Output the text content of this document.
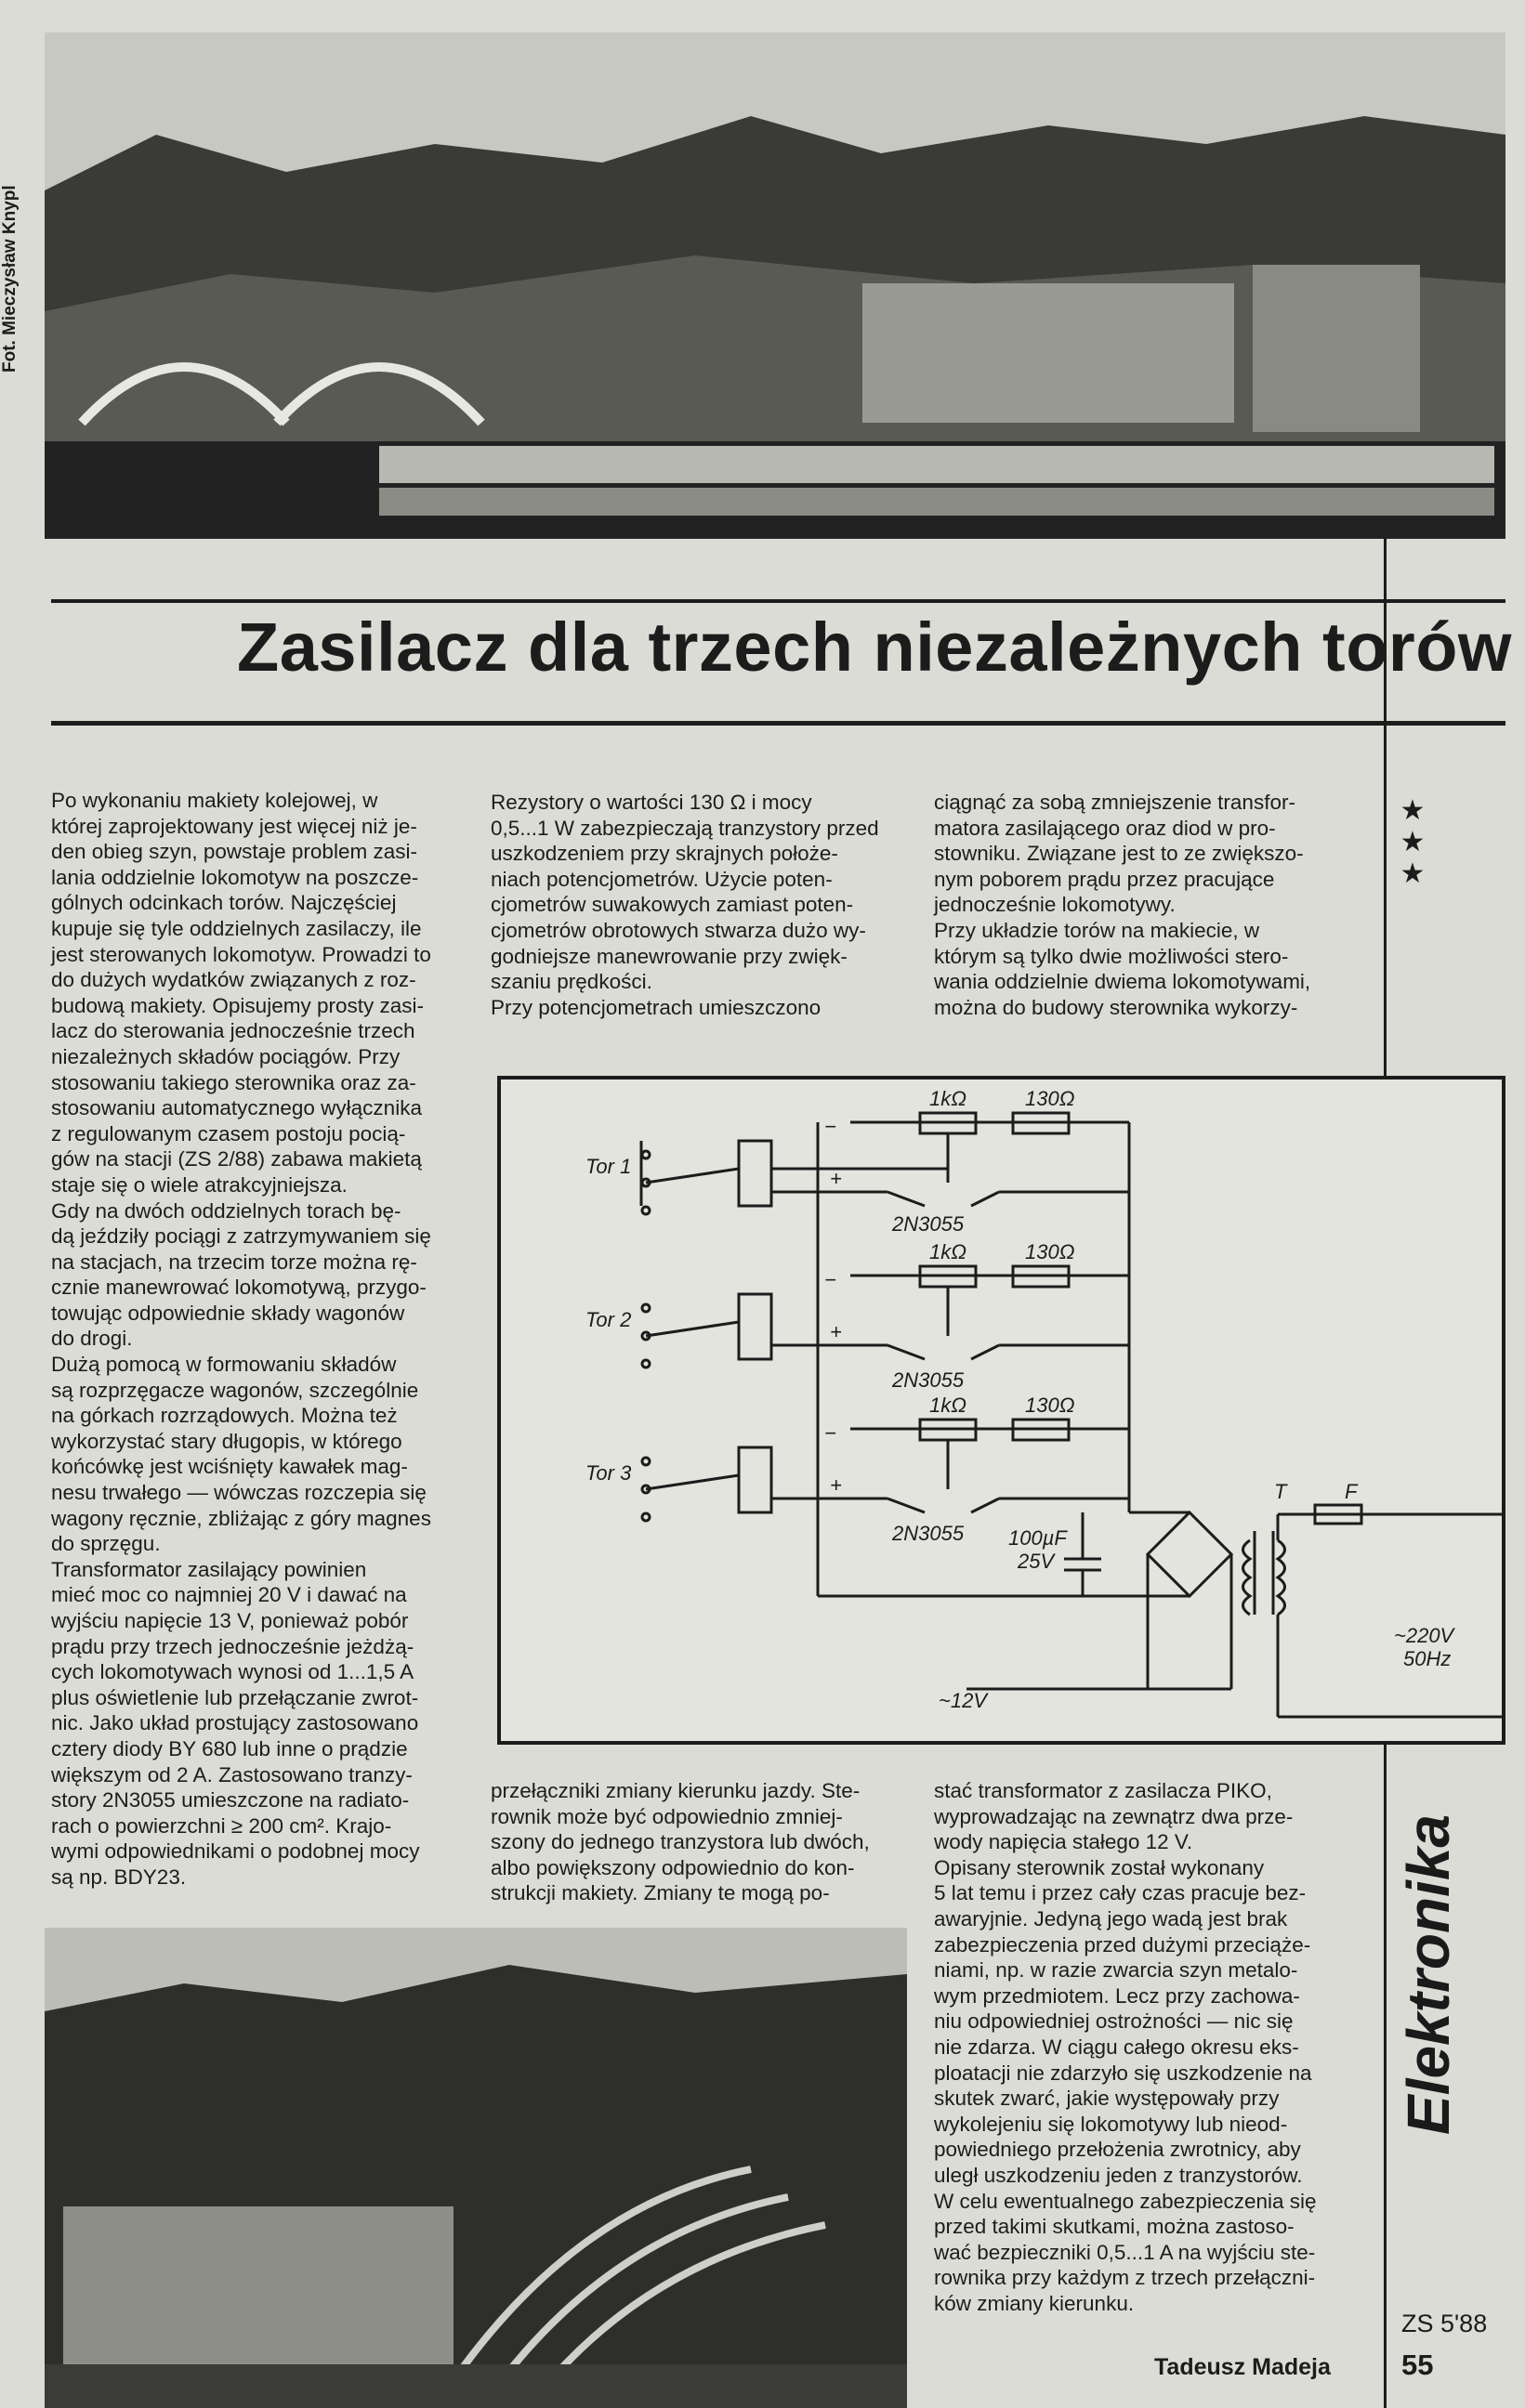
Fot. Mieczysław Knypl
Zasilacz dla trzech niezależnych torów
★
★
★
Po wykonaniu makiety kolejowej, w
której zaprojektowany jest więcej niż je-
den obieg szyn, powstaje problem zasi-
lania oddzielnie lokomotyw na poszcze-
gólnych odcinkach torów. Najczęściej
kupuje się tyle oddzielnych zasilaczy, ile
jest sterowanych lokomotyw. Prowadzi to
do dużych wydatków związanych z roz-
budową makiety. Opisujemy prosty zasi-
lacz do sterowania jednocześnie trzech
niezależnych składów pociągów. Przy
stosowaniu takiego sterownika oraz za-
stosowaniu automatycznego wyłącznika
z regulowanym czasem postoju pocią-
gów na stacji (ZS 2/88) zabawa makietą
staje się o wiele atrakcyjniejsza.
Gdy na dwóch oddzielnych torach bę-
dą jeździły pociągi z zatrzymywaniem się
na stacjach, na trzecim torze można rę-
cznie manewrować lokomotywą, przygo-
towując odpowiednie składy wagonów
do drogi.
Dużą pomocą w formowaniu składów
są rozprzęgacze wagonów, szczególnie
na górkach rozrządowych. Można też
wykorzystać stary długopis, w którego
końcówkę jest wciśnięty kawałek mag-
nesu trwałego — wówczas rozczepia się
wagony ręcznie, zbliżając z góry magnes
do sprzęgu.
Transformator zasilający powinien
mieć moc co najmniej 20 V i dawać na
wyjściu napięcie 13 V, ponieważ pobór
prądu przy trzech jednocześnie jeżdżą-
cych lokomotywach wynosi od 1...1,5 A
plus oświetlenie lub przełączanie zwrot-
nic. Jako układ prostujący zastosowano
cztery diody BY 680 lub inne o prądzie
większym od 2 A. Zastosowano tranzy-
story 2N3055 umieszczone na radiato-
rach o powierzchni ≥ 200 cm². Krajo-
wymi odpowiednikami o podobnej mocy
są np. BDY23.
Rezystory o wartości 130 Ω i mocy
0,5...1 W zabezpieczają tranzystory przed
uszkodzeniem przy skrajnych położe-
niach potencjometrów. Użycie poten-
cjometrów suwakowych zamiast poten-
cjometrów obrotowych stwarza dużo wy-
godniejsze manewrowanie przy zwięk-
szaniu prędkości.
Przy potencjometrach umieszczono
ciągnąć za sobą zmniejszenie transfor-
matora zasilającego oraz diod w pro-
stowniku. Związane jest to ze zwiększo-
nym poborem prądu przez pracujące
jednocześnie lokomotywy.
Przy układzie torów na makiecie, w
którym są tylko dwie możliwości stero-
wania oddzielnie dwiema lokomotywami,
można do budowy sterownika wykorzy-
przełączniki zmiany kierunku jazdy. Ste-
rownik może być odpowiednio zmniej-
szony do jednego tranzystora lub dwóch,
albo powiększony odpowiednio do kon-
strukcji makiety. Zmiany te mogą po-
stać transformator z zasilacza PIKO,
wyprowadzając na zewnątrz dwa prze-
wody napięcia stałego 12 V.
Opisany sterownik został wykonany
5 lat temu i przez cały czas pracuje bez-
awaryjnie. Jedyną jego wadą jest brak
zabezpieczenia przed dużymi przeciąże-
niami, np. w razie zwarcia szyn metalo-
wym przedmiotem. Lecz przy zachowa-
niu odpowiedniej ostrożności — nic się
nie zdarza. W ciągu całego okresu eks-
ploatacji nie zdarzyło się uszkodzenie na
skutek zwarć, jakie występowały przy
wykolejeniu się lokomotywy lub nieod-
powiedniego przełożenia zwrotnicy, aby
uległ uszkodzeniu jeden z tranzystorów.
W celu ewentualnego zabezpieczenia się
przed takimi skutkami, można zastoso-
wać bezpieczniki 0,5...1 A na wyjściu ste-
rownika przy każdym z trzech przełączni-
ków zmiany kierunku.
Tor 1
Tor 2
Tor 3
1kΩ	130Ω
1kΩ	130Ω
1kΩ	130Ω
2N3055
2N3055
2N3055 100µF
25V
T	F
~220V
50Hz
~12V
−
+
−
+
−
+
Tadeusz Madeja
Elektronika
ZS 5'88
55
